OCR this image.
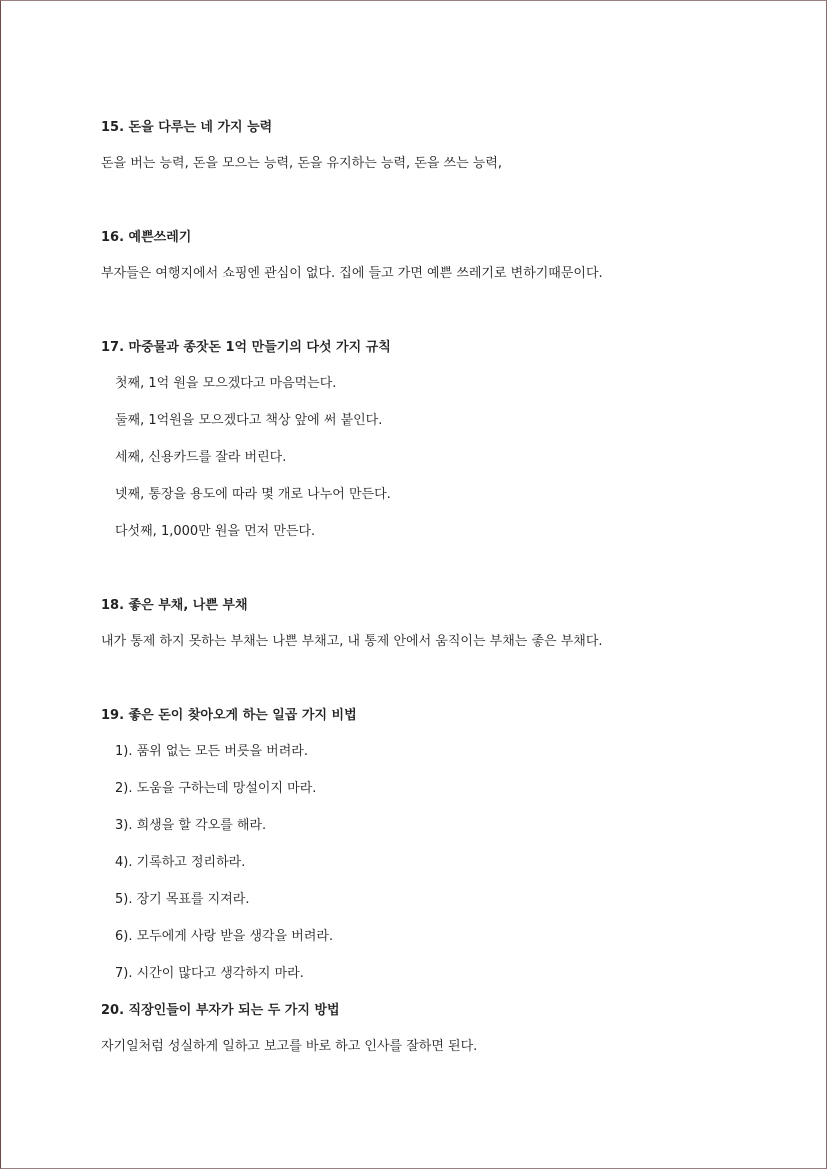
15. 돈을 다루는 네 가지 능력
돈을 버는 능력, 돈을 모으는 능력, 돈을 유지하는 능력, 돈을 쓰는 능력,
16. 예쁜쓰레기
부자들은 여행지에서 쇼핑엔 관심이 없다. 집에 들고 가면 예쁜 쓰레기로 변하기때문이다.
17. 마중물과 종잣돈 1억 만들기의 다섯 가지 규칙
첫째, 1억 원을 모으겠다고 마음먹는다.
둘째, 1억원을 모으겠다고 책상 앞에 써 붙인다.
세째, 신용카드를 잘라 버린다.
넷째, 통장을 용도에 따라 몇 개로 나누어 만든다.
다섯째, 1,000만 원을 먼저 만든다.
18. 좋은 부채, 나쁜 부채
내가 통제 하지 못하는 부채는 나쁜 부채고, 내 통제 안에서 움직이는 부채는 좋은 부채다.
19. 좋은 돈이 찾아오게 하는 일곱 가지 비법
1). 품위 없는 모든 버릇을 버려라.
2). 도움을 구하는데 망설이지 마라.
3). 희생을 할 각오를 해라.
4). 기록하고 정리하라.
5). 장기 목표를 지져라.
6). 모두에게 사랑 받을 생각을 버려라.
7). 시간이 많다고 생각하지 마라.
20. 직장인들이 부자가 되는 두 가지 방법
자기일처럼 성실하게 일하고 보고를 바로 하고 인사를 잘하면 된다.
